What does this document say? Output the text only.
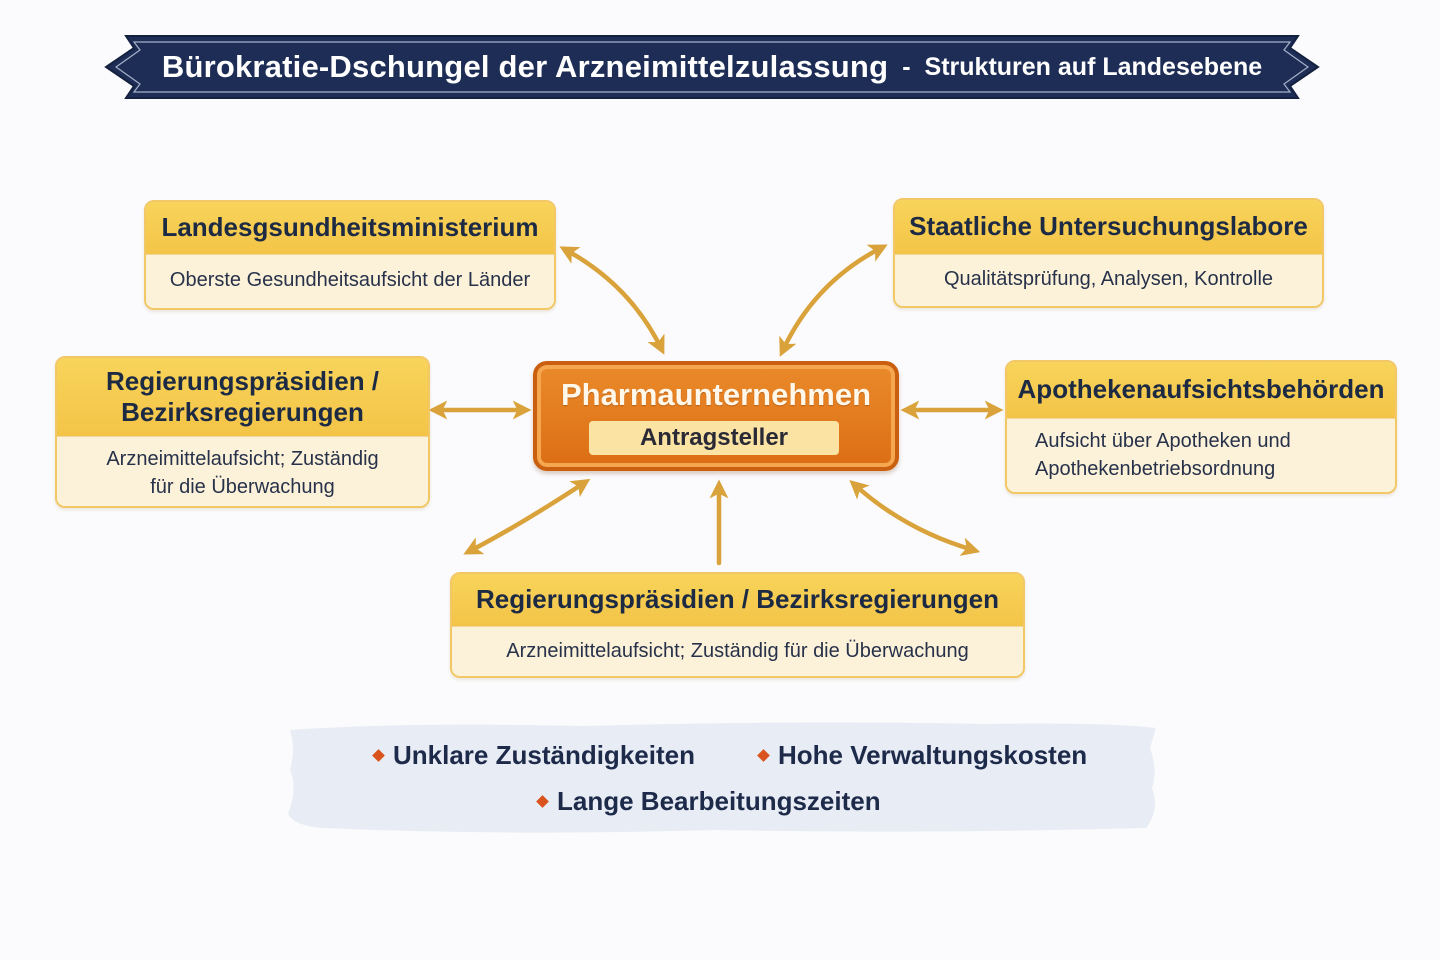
Bürokratie-Dschungel der Arzneimittelzulassung - Strukturen auf Landesebene
Landesgsundheitsministerium
Oberste Gesundheitsaufsicht der Länder
Staatliche Untersuchungslabore
Qualitätsprüfung, Analysen, Kontrolle
Regierungspräsidien /
Bezirksregierungen
Arzneimittelaufsicht; Zuständig
für die Überwachung
Apothekenaufsichtsbehörden
Aufsicht über Apotheken und
Apothekenbetriebsordnung
Regierungspräsidien / Bezirksregierungen
Arzneimittelaufsicht; Zuständig für die Überwachung
Pharmaunternehmen
Antragsteller
Unklare Zuständigkeiten	Hohe Verwaltungskosten
Lange Bearbeitungszeiten
